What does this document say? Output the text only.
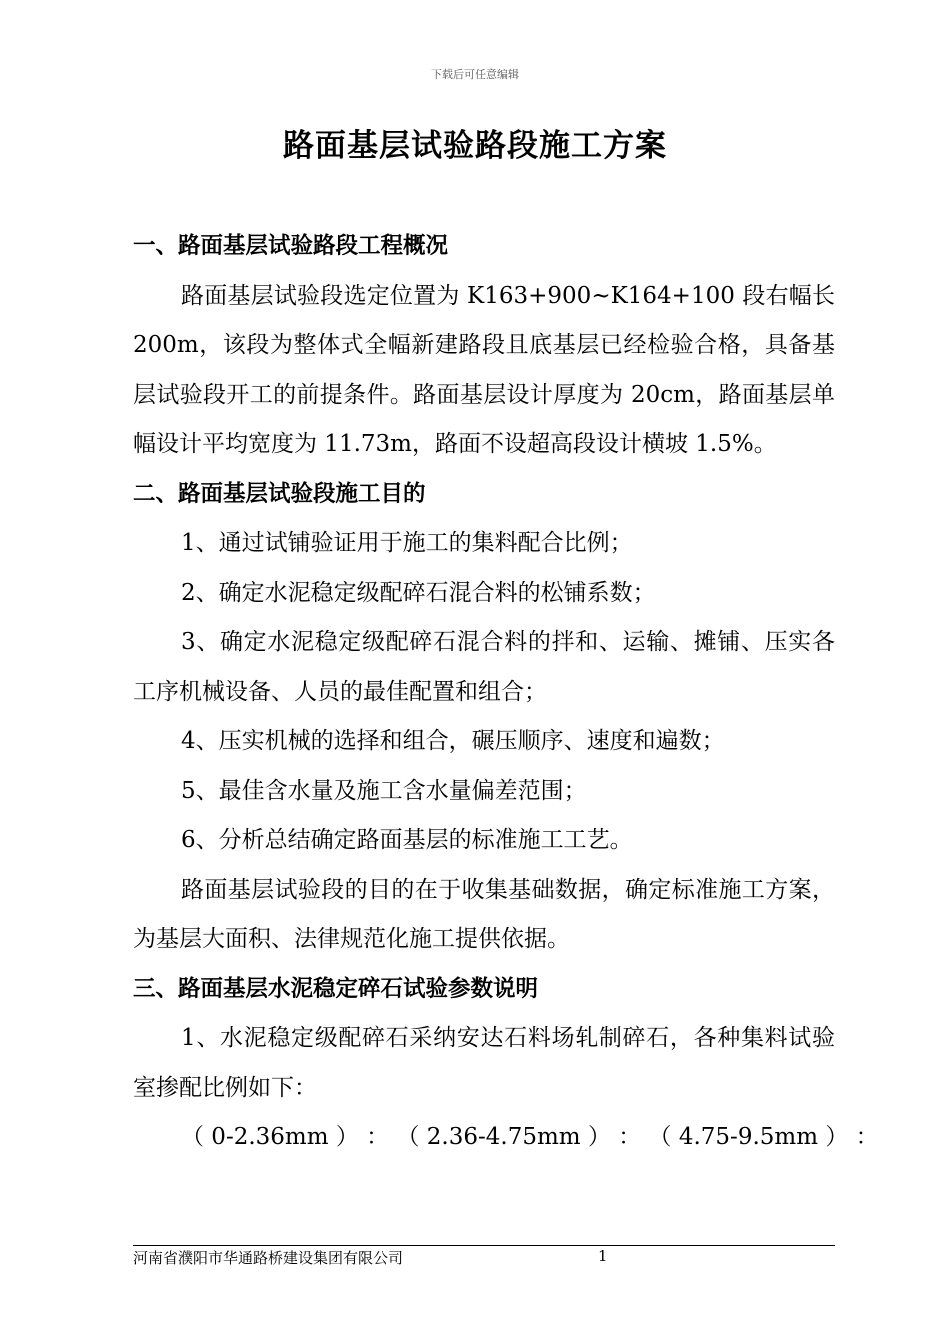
下载后可任意编辑
路面基层试验路段施工方案

一、路面基层试验路段工程概况

路面基层试验段选定位置为 K163+900~K164+100 段右幅长 200m，该段为整体式全幅新建路段且底基层已经检验合格，具备基层试验段开工的前提条件。路面基层设计厚度为 20cm，路面基层单幅设计平均宽度为 11.73m，路面不设超高段设计横坡 1.5%。

二、路面基层试验段施工目的

1、通过试铺验证用于施工的集料配合比例；

2、确定水泥稳定级配碎石混合料的松铺系数；

3、确定水泥稳定级配碎石混合料的拌和、运输、摊铺、压实各工序机械设备、人员的最佳配置和组合；

4、压实机械的选择和组合，碾压顺序、速度和遍数；

5、最佳含水量及施工含水量偏差范围；

6、分析总结确定路面基层的标准施工工艺。

路面基层试验段的目的在于收集基础数据，确定标准施工方案，为基层大面积、法律规范化施工提供依据。

三、路面基层水泥稳定碎石试验参数说明

1、水泥稳定级配碎石采纳安达石料场轧制碎石，各种集料试验室掺配比例如下：

（ 0-2.36mm ） ： （ 2.36-4.75mm ） ： （ 4.75-9.5mm ） ：

河南省濮阳市华通路桥建设集团有限公司	1
